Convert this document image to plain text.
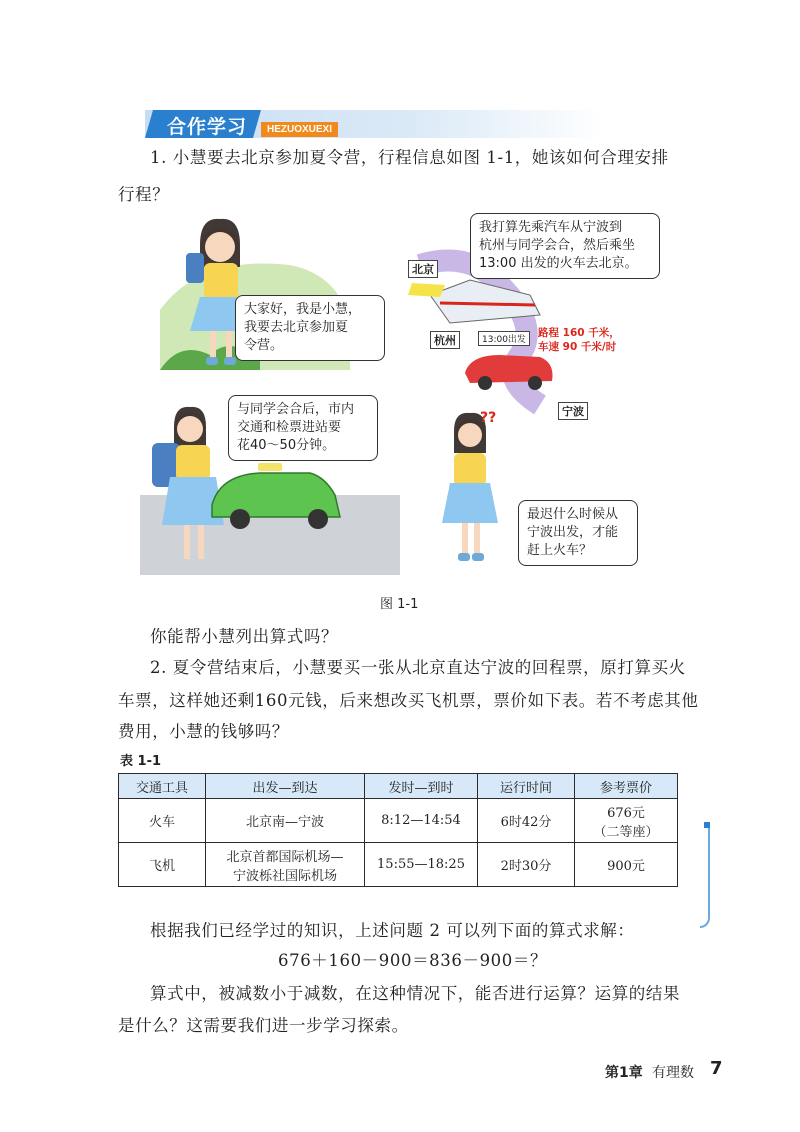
合作学习	HEZUOXUEXI
1. 小慧要去北京参加夏令营，行程信息如图 1-1，她该如何合理安排
行程？
大家好，我是小慧，
我要去北京参加夏
令营。
我打算先乘汽车从宁波到
杭州与同学会合，然后乘坐
13:00 出发的火车去北京。
与同学会合后，市内
交通和检票进站要
花40～50分钟。
最迟什么时候从
宁波出发，才能
赶上火车？
北京
杭州	13:00出发
路程 160 千米，
车速 90 千米/时
宁波
??
图 1-1
你能帮小慧列出算式吗？
2. 夏令营结束后，小慧要买一张从北京直达宁波的回程票，原打算买火
车票，这样她还剩160元钱，后来想改买飞机票，票价如下表。若不考虑其他
费用，小慧的钱够吗？
表 1-1
交通工具	出发—到达	发时—到时	运行时间	参考票价
火车	北京南—宁波	8:12—14:54	6时42分	676元
（二等座）

飞机	北京首都国际机场—
宁波栎社国际机场	15:55—18:25	2时30分	900元
根据我们已经学过的知识，上述问题 2 可以列下面的算式求解：
676＋160－900＝836－900＝？
算式中，被减数小于减数，在这种情况下，能否进行运算？运算的结果
是什么？这需要我们进一步学习探索。
第1章 有理数 7
